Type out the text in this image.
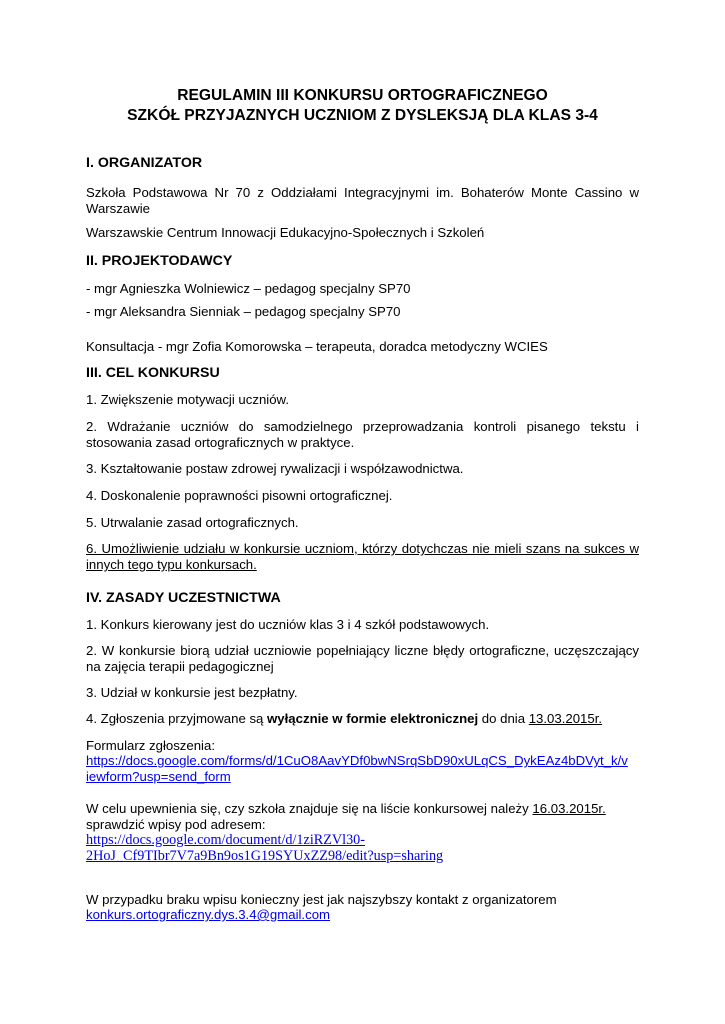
REGULAMIN III KONKURSU ORTOGRAFICZNEGO
SZKÓŁ PRZYJAZNYCH UCZNIOM Z DYSLEKSJĄ DLA KLAS 3-4
I. ORGANIZATOR
Szkoła Podstawowa Nr 70 z Oddziałami Integracyjnymi im. Bohaterów Monte Cassino w Warszawie
Warszawskie Centrum Innowacji Edukacyjno-Społecznych i Szkoleń
II. PROJEKTODAWCY
- mgr Agnieszka Wolniewicz – pedagog specjalny SP70
- mgr Aleksandra Sienniak – pedagog specjalny SP70
Konsultacja - mgr Zofia Komorowska – terapeuta, doradca metodyczny WCIES
III. CEL KONKURSU
1. Zwiększenie motywacji uczniów.
2. Wdrażanie uczniów do samodzielnego przeprowadzania kontroli pisanego tekstu i stosowania zasad ortograficznych w praktyce.
3. Kształtowanie postaw zdrowej rywalizacji i współzawodnictwa.
4. Doskonalenie poprawności pisowni ortograficznej.
5. Utrwalanie zasad ortograficznych.
6. Umożliwienie udziału w konkursie uczniom, którzy dotychczas nie mieli szans na sukces w innych tego typu konkursach.
IV. ZASADY UCZESTNICTWA
1. Konkurs kierowany jest do uczniów klas 3 i 4 szkół podstawowych.
2. W konkursie biorą udział uczniowie popełniający liczne błędy ortograficzne, uczęszczający na zajęcia terapii pedagogicznej
3. Udział w konkursie jest bezpłatny.
4. Zgłoszenia przyjmowane są wyłącznie w formie elektronicznej do dnia 13.03.2015r.
Formularz zgłoszenia:
https://docs.google.com/forms/d/1CuO8AavYDf0bwNSrqSbD90xULqCS_DykEAz4bDVyt_k/v
iewform?usp=send_form
W celu upewnienia się, czy szkoła znajduje się na liście konkursowej należy 16.03.2015r.
sprawdzić wpisy pod adresem:
https://docs.google.com/document/d/1ziRZVl30-
2HoJ_Cf9TIbr7V7a9Bn9os1G19SYUxZZ98/edit?usp=sharing
W przypadku braku wpisu konieczny jest jak najszybszy kontakt z organizatorem
konkurs.ortograficzny.dys.3.4@gmail.com
